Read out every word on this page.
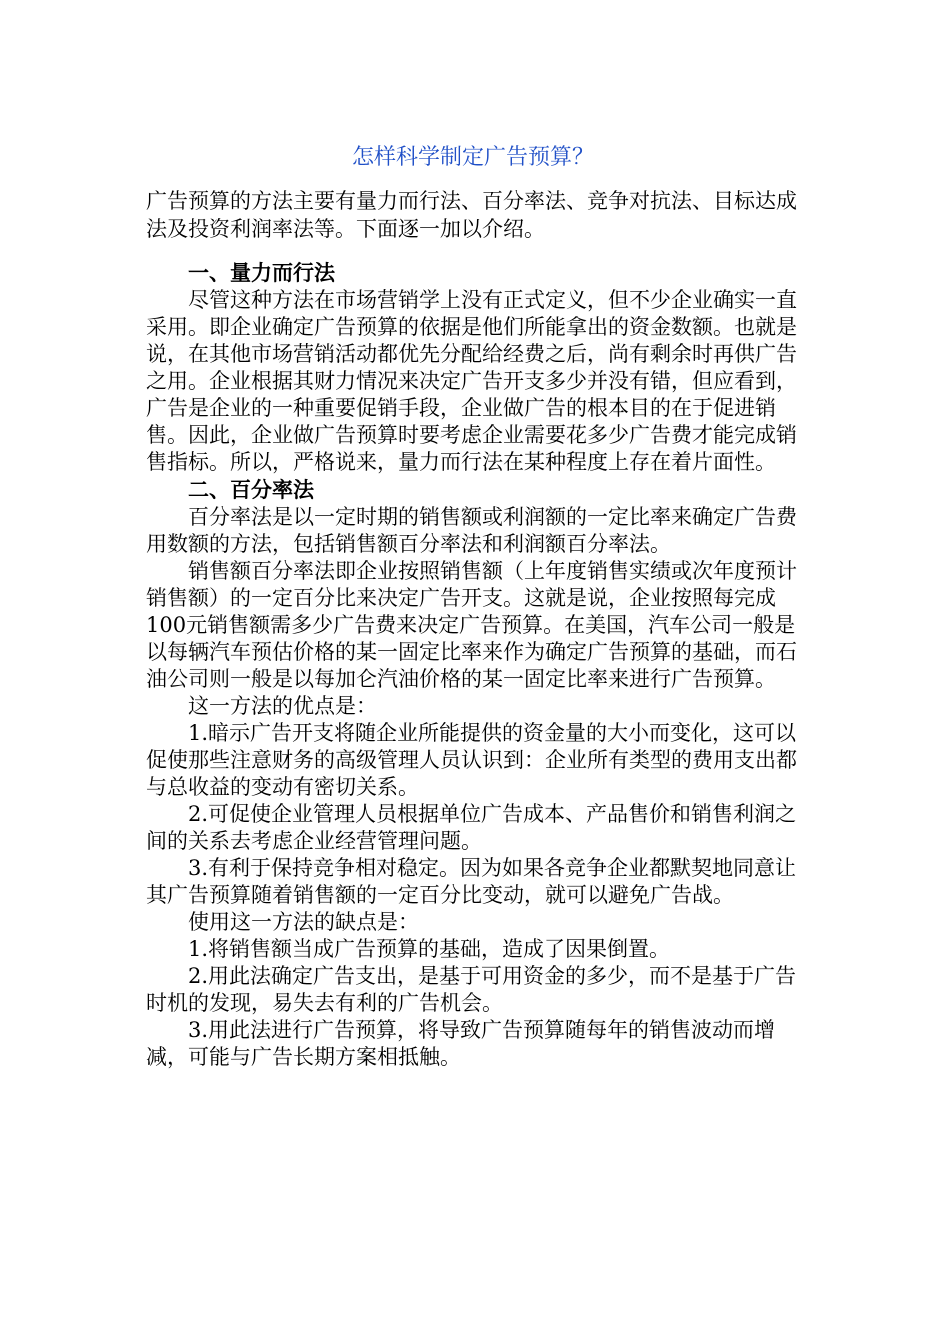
怎样科学制定广告预算？

广告预算的方法主要有量力而行法、百分率法、竞争对抗法、目标达成法及投资利润率法等。下面逐一加以介绍。

一、量力而行法

尽管这种方法在市场营销学上没有正式定义，但不少企业确实一直采用。即企业确定广告预算的依据是他们所能拿出的资金数额。也就是说，在其他市场营销活动都优先分配给经费之后，尚有剩余时再供广告之用。企业根据其财力情况来决定广告开支多少并没有错，但应看到，广告是企业的一种重要促销手段，企业做广告的根本目的在于促进销售。因此，企业做广告预算时要考虑企业需要花多少广告费才能完成销售指标。所以，严格说来，量力而行法在某种程度上存在着片面性。

二、百分率法

百分率法是以一定时期的销售额或利润额的一定比率来确定广告费用数额的方法，包括销售额百分率法和利润额百分率法。

销售额百分率法即企业按照销售额（上年度销售实绩或次年度预计销售额）的一定百分比来决定广告开支。这就是说，企业按照每完成100元销售额需多少广告费来决定广告预算。在美国，汽车公司一般是以每辆汽车预估价格的某一固定比率来作为确定广告预算的基础，而石油公司则一般是以每加仑汽油价格的某一固定比率来进行广告预算。

这一方法的优点是：

1.暗示广告开支将随企业所能提供的资金量的大小而变化，这可以促使那些注意财务的高级管理人员认识到：企业所有类型的费用支出都与总收益的变动有密切关系。

2.可促使企业管理人员根据单位广告成本、产品售价和销售利润之间的关系去考虑企业经营管理问题。

3.有利于保持竞争相对稳定。因为如果各竞争企业都默契地同意让其广告预算随着销售额的一定百分比变动，就可以避免广告战。

使用这一方法的缺点是：

1.将销售额当成广告预算的基础，造成了因果倒置。

2.用此法确定广告支出，是基于可用资金的多少，而不是基于广告时机的发现，易失去有利的广告机会。

3.用此法进行广告预算，将导致广告预算随每年的销售波动而增减，可能与广告长期方案相抵触。
